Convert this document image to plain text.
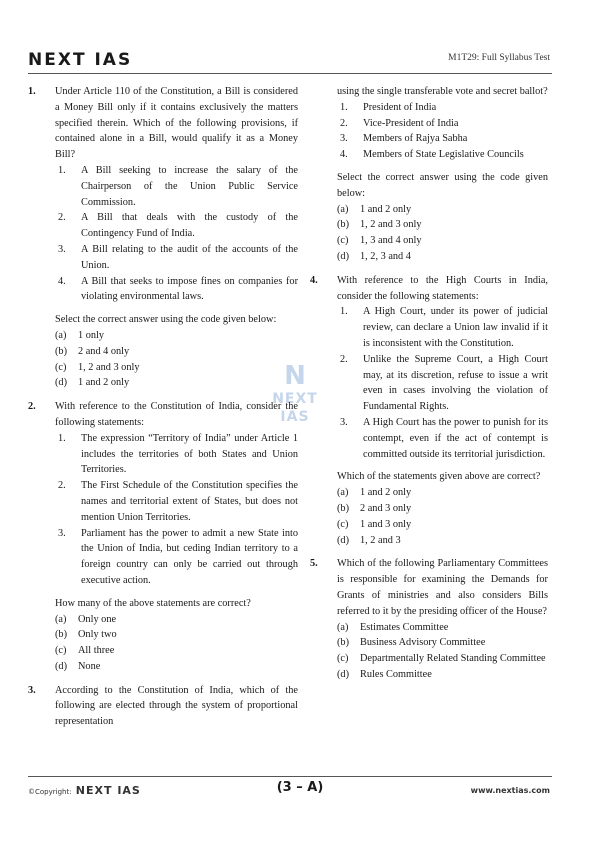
NEXT IAS	M1T29: Full Syllabus Test
N
NEXT
IAS
1. Under Article 110 of the Constitution, a Bill is considered a Money Bill only if it contains exclusively the matters specified therein. Which of the following provisions, if contained alone in a Bill, would qualify it as a Money Bill?

1. A Bill seeking to increase the salary of the Chairperson of the Union Public Service Commission.
2. A Bill that deals with the custody of the Contingency Fund of India.
3. A Bill relating to the audit of the accounts of the Union.
4. A Bill that seeks to impose fines on companies for violating environmental laws.

Select the correct answer using the code given below:

(a) 1 only
(b) 2 and 4 only
(c) 1, 2 and 3 only
(d) 1 and 2 only
2. With reference to the Constitution of India, consider the following statements:

1. The expression “Territory of India” under Article 1 includes the territories of both States and Union Territories.
2. The First Schedule of the Constitution specifies the names and territorial extent of States, but does not mention Union Territories.
3. Parliament has the power to admit a new State into the Union of India, but ceding Indian territory to a foreign country can only be carried out through executive action.

How many of the above statements are correct?

(a) Only one
(b) Only two
(c) All three
(d) None
3. According to the Constitution of India, which of the following are elected through the system of proportional representation

using the single transferable vote and secret ballot?

1. President of India
2. Vice-President of India
3. Members of Rajya Sabha
4. Members of State Legislative Councils

Select the correct answer using the code given below:

(a) 1 and 2 only
(b) 1, 2 and 3 only
(c) 1, 3 and 4 only
(d) 1, 2, 3 and 4
4. With reference to the High Courts in India, consider the following statements:

1. A High Court, under its power of judicial review, can declare a Union law invalid if it is inconsistent with the Constitution.
2. Unlike the Supreme Court, a High Court may, at its discretion, refuse to issue a writ even in cases involving the violation of Fundamental Rights.
3. A High Court has the power to punish for its contempt, even if the act of contempt is committed outside its territorial jurisdiction.

Which of the statements given above are correct?

(a) 1 and 2 only
(b) 2 and 3 only
(c) 1 and 3 only
(d) 1, 2 and 3
5. Which of the following Parliamentary Committees is responsible for examining the Demands for Grants of ministries and also considers Bills referred to it by the presiding officer of the House?

(a) Estimates Committee
(b) Business Advisory Committee
(c) Departmentally Related Standing Committee
(d) Rules Committee
©Copyright: NEXT IAS	(3 – A)	www.nextias.com
